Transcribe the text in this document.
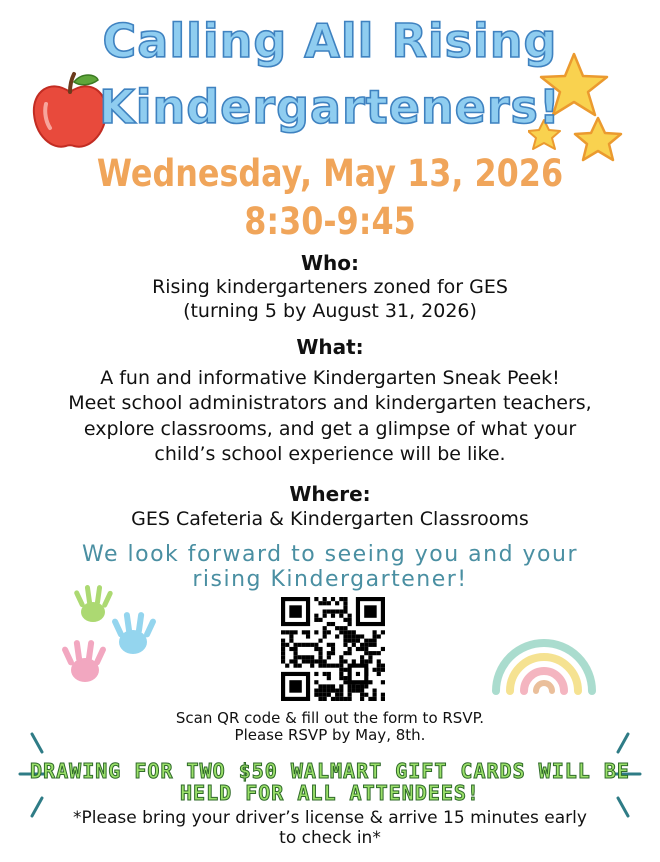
Calling All Rising
Kindergarteners!
Wednesday, May 13, 2026
8:30-9:45
Who:
Rising kindergarteners zoned for GES
(turning 5 by August 31, 2026)
What:
A fun and informative Kindergarten Sneak Peek!
Meet school administrators and kindergarten teachers,
explore classrooms, and get a glimpse of what your
child’s school experience will be like.
Where:
GES Cafeteria & Kindergarten Classrooms
We look forward to seeing you and your
rising Kindergartener!
Scan QR code & fill out the form to RSVP.
Please RSVP by May, 8th.
DRAWING FOR TWO $50 WALMART GIFT CARDS WILL BE
HELD FOR ALL ATTENDEES!
*Please bring your driver’s license & arrive 15 minutes early
to check in*
